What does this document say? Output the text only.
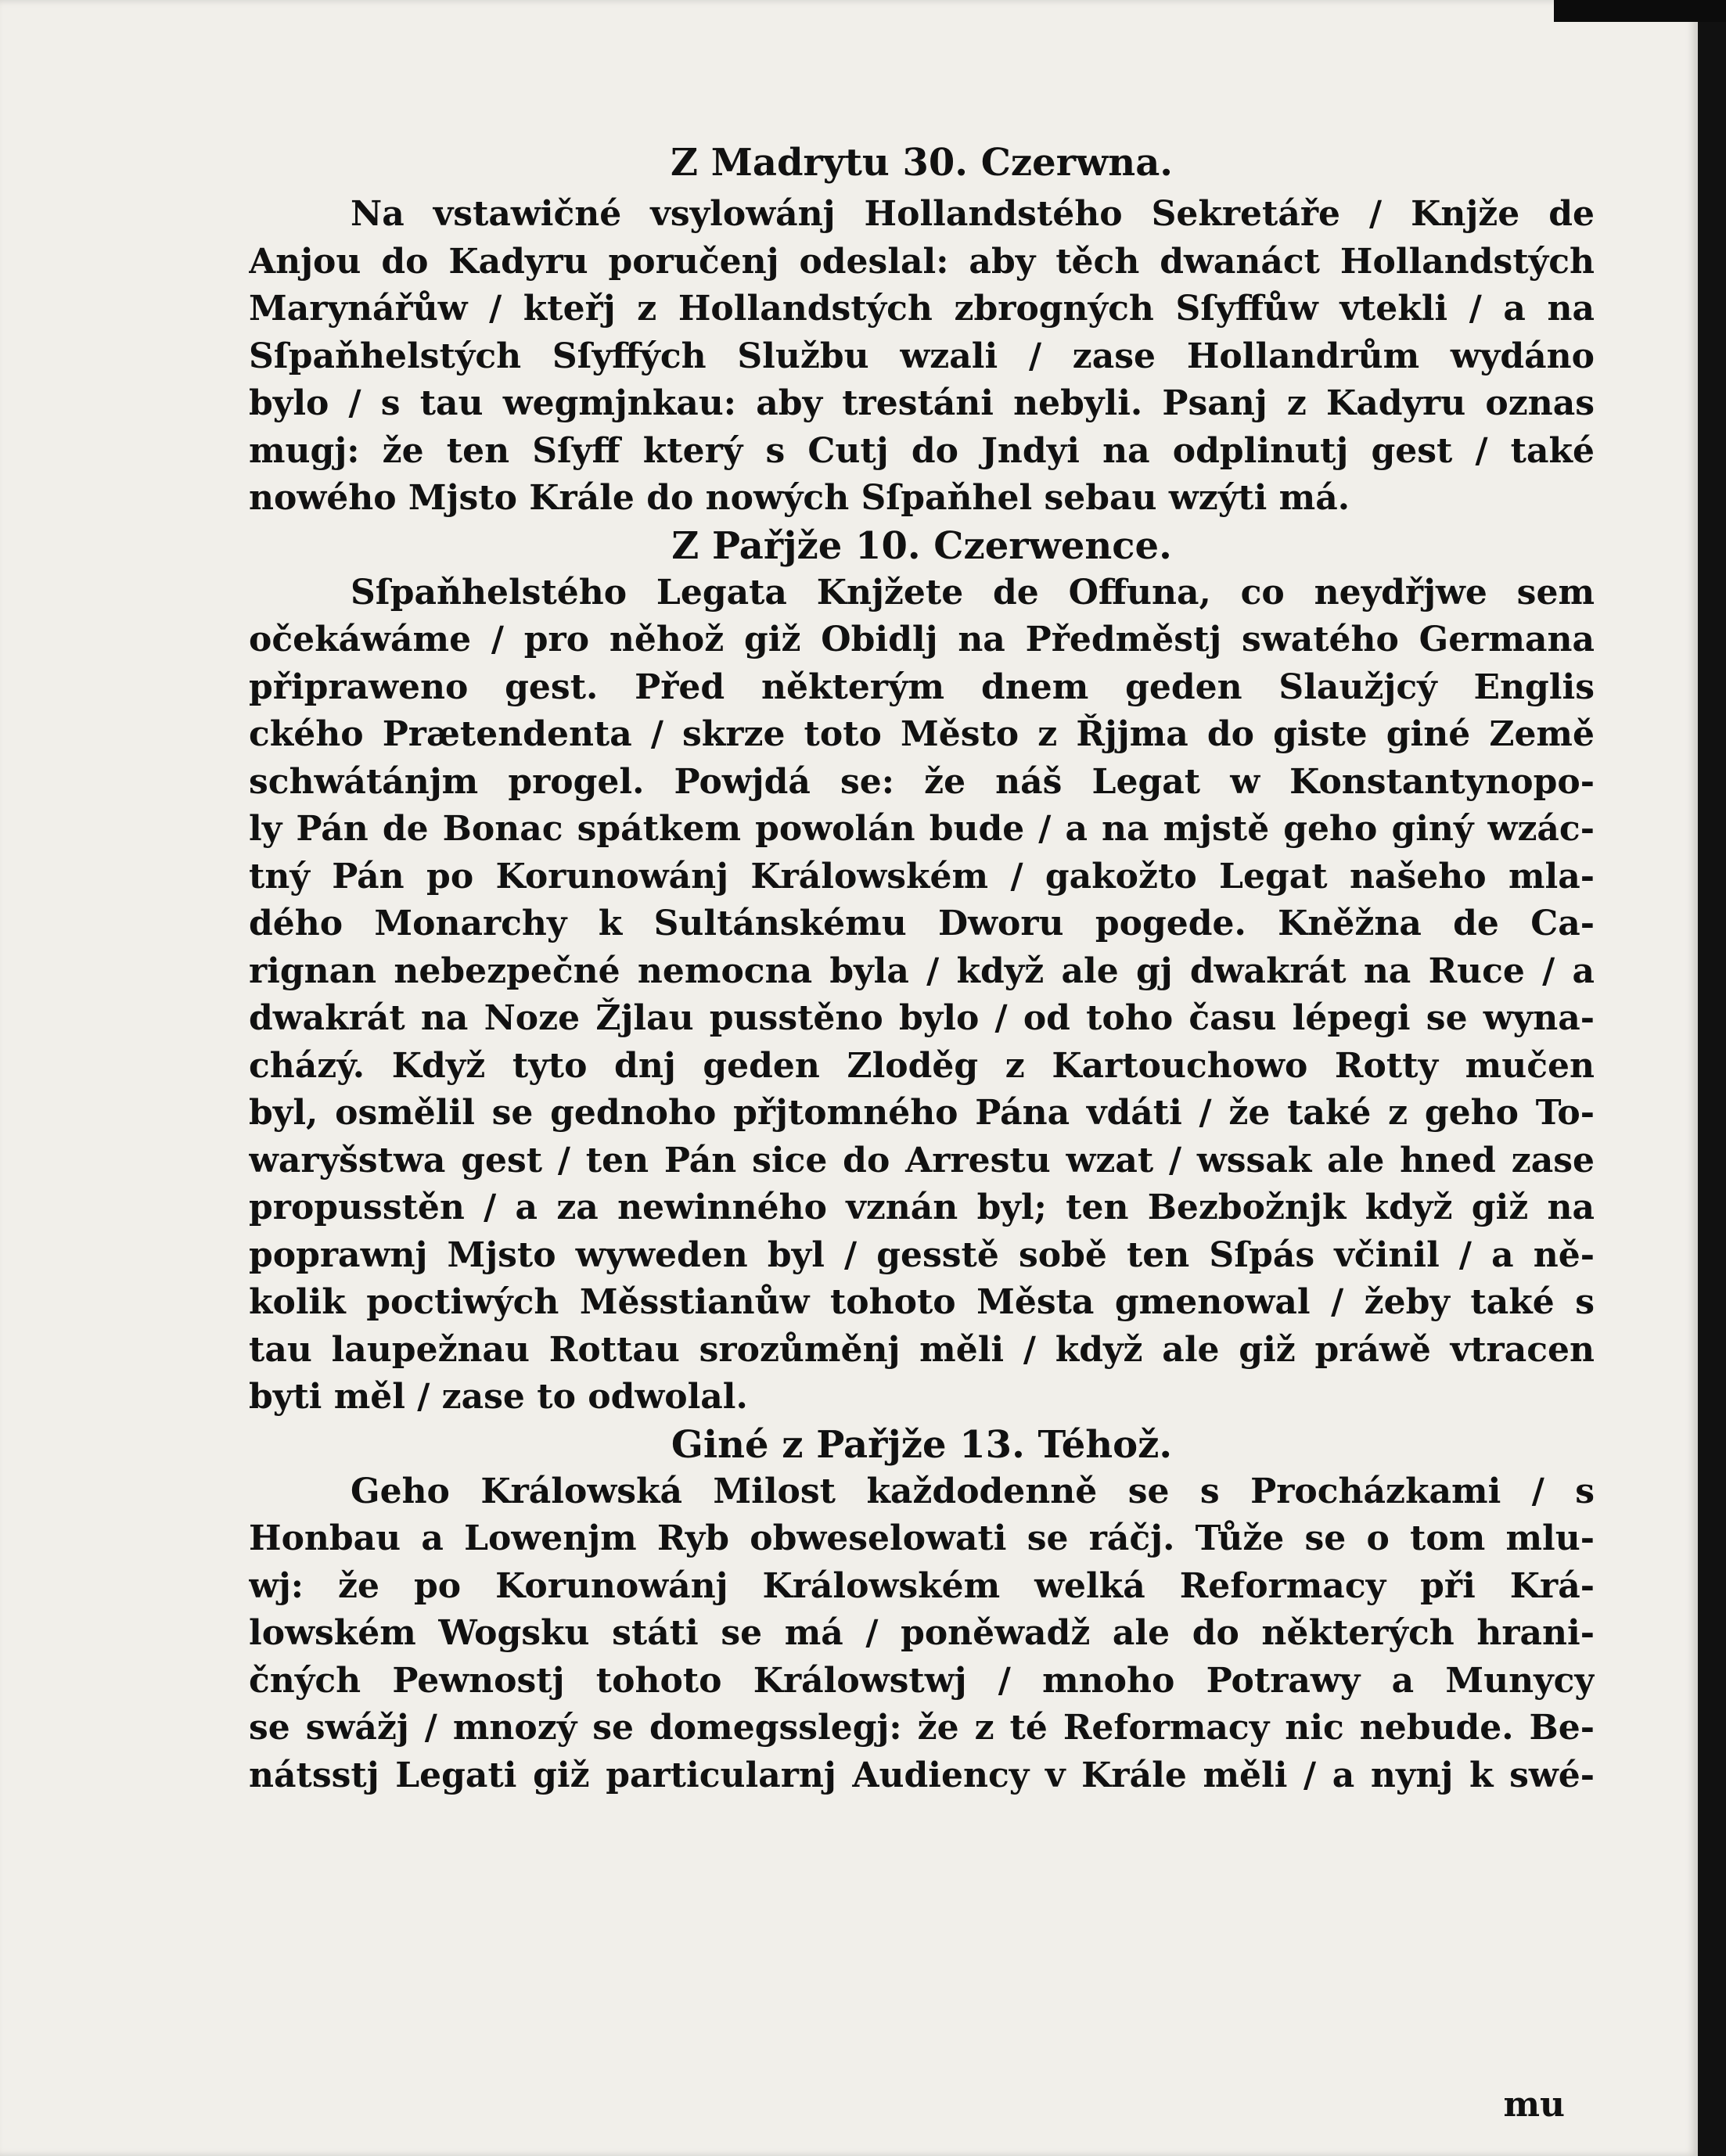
Z Madrytu 30. Czerwna.
Na vstawičné vsylowánj Hollandstého Sekretáře / Knjže de
Anjou do Kadyru poručenj odeslal: aby těch dwanáct Hollandstých
Marynářůw / kteřj z Hollandstých zbrogných Sſyffůw vtekli / a na
Sſpaňhelstých Sſyffých Službu wzali / zase Hollandrům wydáno
bylo / s tau wegmjnkau: aby trestáni nebyli. Psanj z Kadyru oznas
mugj: že ten Sſyff který s Cutj do Jndyi na odplinutj gest / také
nowého Mjsto Krále do nowých Sſpaňhel sebau wzýti má.
Z Pařjže 10. Czerwence.
Sſpaňhelstého Legata Knjžete de Offuna, co neydřjwe sem
očekáwáme / pro něhož giž Obidlj na Předměstj swatého Germana
připraweno gest. Před některým dnem geden Slaužjcý Englis
ckého Prætendenta / skrze toto Město z Řjjma do giste giné Země
schwátánjm progel. Powjdá se: že náš Legat w Konstantynopo-
ly Pán de Bonac spátkem powolán bude / a na mjstě geho giný wzác-
tný Pán po Korunowánj Králowském / gakožto Legat našeho mla-
dého Monarchy k Sultánskému Dworu pogede. Kněžna de Ca-
rignan nebezpečné nemocna byla / když ale gj dwakrát na Ruce / a
dwakrát na Noze Žjlau pusstěno bylo / od toho času lépegi se wyna-
cházý. Když tyto dnj geden Zloděg z Kartouchowo Rotty mučen
byl, osmělil se gednoho přjtomného Pána vdáti / že také z geho To-
waryšstwa gest / ten Pán sice do Arrestu wzat / wssak ale hned zase
propusstěn / a za newinného vznán byl; ten Bezbožnjk když giž na
poprawnj Mjsto wyweden byl / gesstě sobě ten Sſpás včinil / a ně-
kolik poctiwých Měsstianůw tohoto Města gmenowal / žeby také s
tau laupežnau Rottau srozůměnj měli / když ale giž práwě vtracen
byti měl / zase to odwolal.
Giné z Pařjže 13. Téhož.
Geho Králowská Milost každodenně se s Procházkami / s
Honbau a Lowenjm Ryb obweselowati se ráčj. Tůže se o tom mlu-
wj: že po Korunowánj Králowském welká Reformacy při Krá-
lowském Wogsku státi se má / poněwadž ale do některých hrani-
čných Pewnostj tohoto Králowstwj / mnoho Potrawy a Munycy
se swážj / mnozý se domegsslegj: že z té Reformacy nic nebude. Be-
nátsstj Legati giž particularnj Audiency v Krále měli / a nynj k swé-
mu
